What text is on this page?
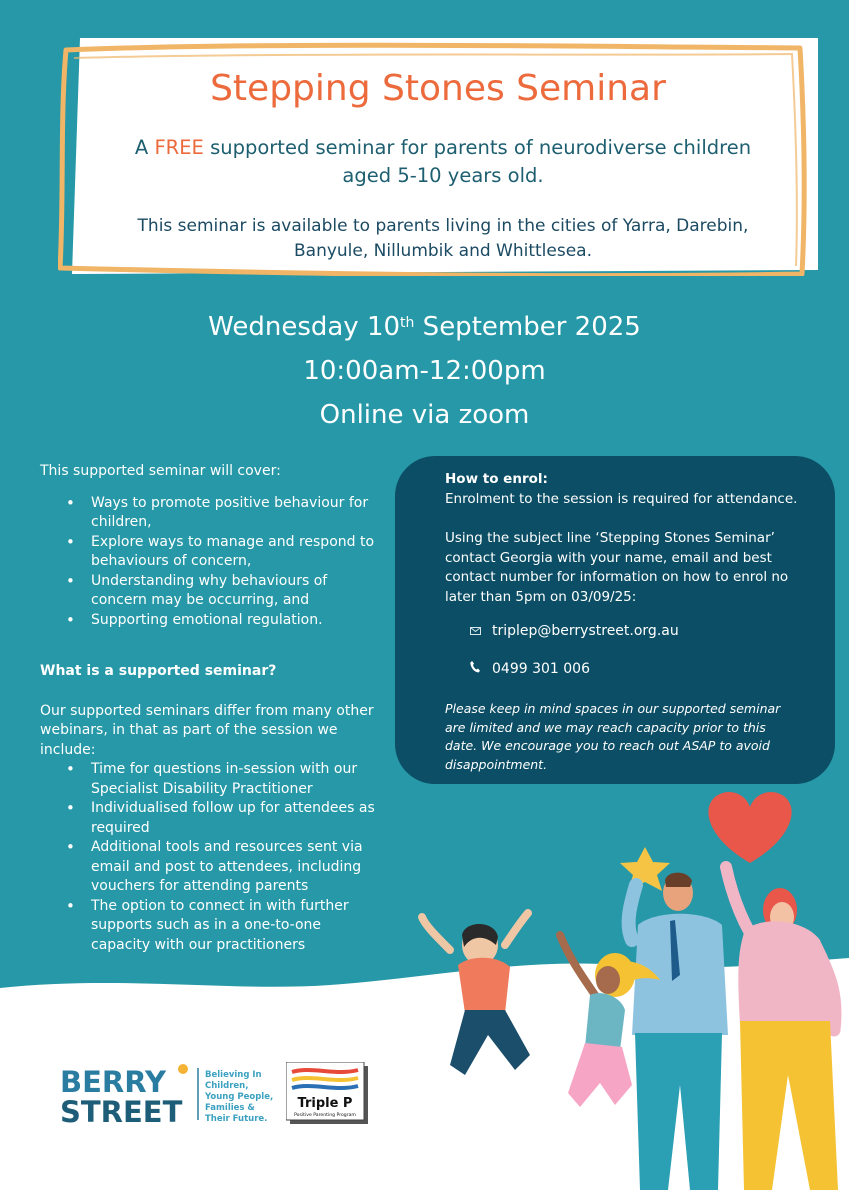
Stepping Stones Seminar
A FREE supported seminar for parents of neurodiverse children aged 5-10 years old.
This seminar is available to parents living in the cities of Yarra, Darebin, Banyule, Nillumbik and Whittlesea.
Wednesday 10th September 2025
10:00am-12:00pm
Online via zoom
This supported seminar will cover:
• Ways to promote positive behaviour for children,
• Explore ways to manage and respond to behaviours of concern,
• Understanding why behaviours of concern may be occurring, and
• Supporting emotional regulation.
What is a supported seminar?
Our supported seminars differ from many other webinars, in that as part of the session we include:
• Time for questions in-session with our Specialist Disability Practitioner
• Individualised follow up for attendees as required
• Additional tools and resources sent via email and post to attendees, including vouchers for attending parents
• The option to connect in with further supports such as in a one-to-one capacity with our practitioners
How to enrol:
Enrolment to the session is required for attendance.
Using the subject line ‘Stepping Stones Seminar’ contact Georgia with your name, email and best contact number for information on how to enrol no later than 5pm on 03/09/25:
triplep@berrystreet.org.au
0499 301 006
Please keep in mind spaces in our supported seminar are limited and we may reach capacity prior to this date. We encourage you to reach out ASAP to avoid disappointment.
BERRY
STREET
Believing In
Children,
Young People,
Families &
Their Future.
Triple P
Positive Parenting Program
